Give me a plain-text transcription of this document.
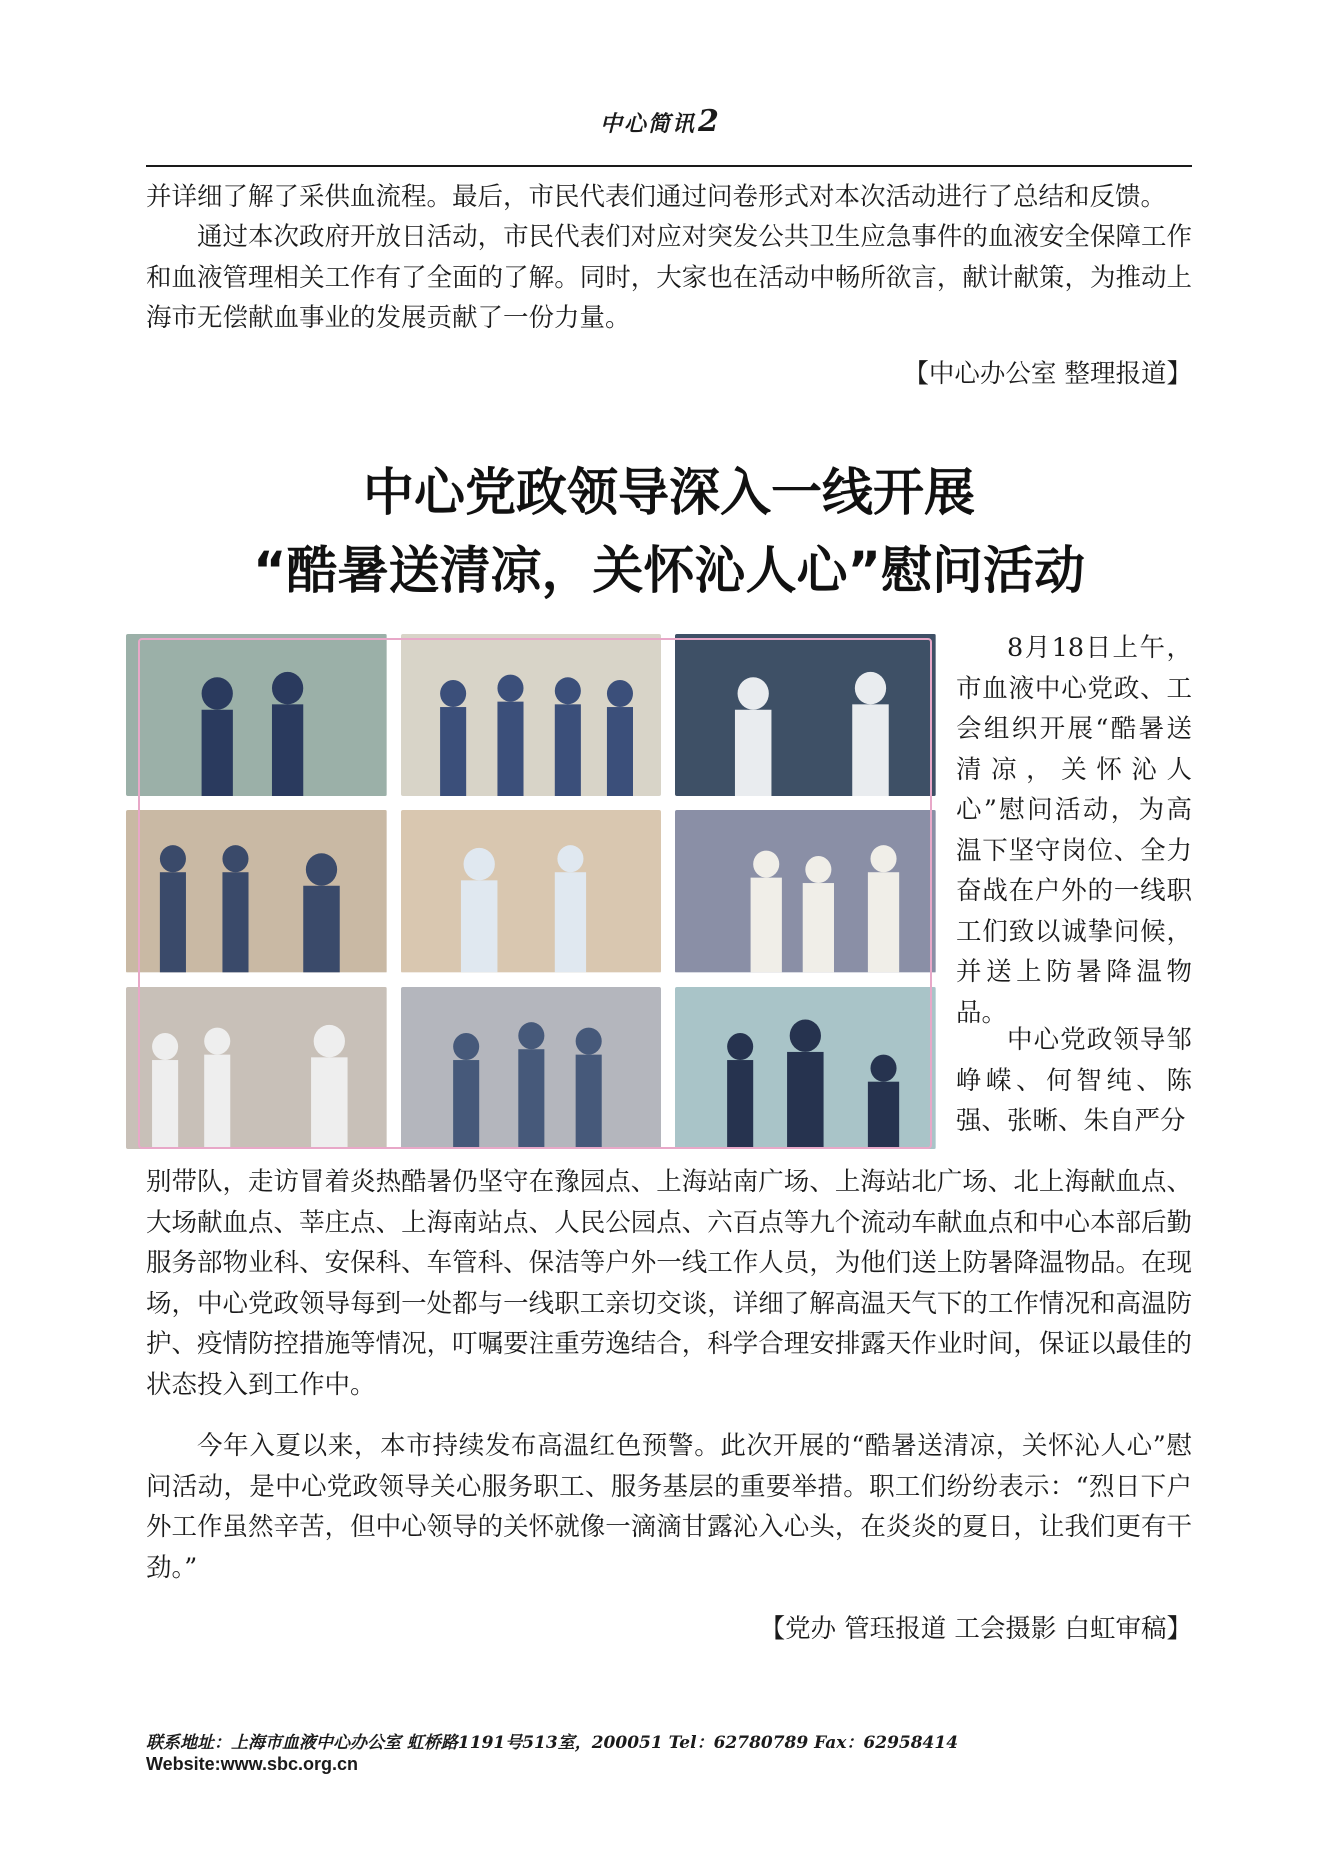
中心简讯2

并详细了解了采供血流程。最后，市民代表们通过问卷形式对本次活动进行了总结和反馈。

通过本次政府开放日活动，市民代表们对应对突发公共卫生应急事件的血液安全保障工作和血液管理相关工作有了全面的了解。同时，大家也在活动中畅所欲言，献计献策，为推动上海市无偿献血事业的发展贡献了一份力量。

【中心办公室 整理报道】
中心党政领导深入一线开展
“酷暑送清凉，关怀沁人心”慰问活动

8月18日上午，市血液中心党政、工会组织开展“酷暑送清凉，关怀沁人心”慰问活动，为高温下坚守岗位、全力奋战在户外的一线职工们致以诚挚问候，并送上防暑降温物品。

中心党政领导邹峥嵘、何智纯、陈强、张晰、朱自严分

别带队，走访冒着炎热酷暑仍坚守在豫园点、上海站南广场、上海站北广场、北上海献血点、大场献血点、莘庄点、上海南站点、人民公园点、六百点等九个流动车献血点和中心本部后勤服务部物业科、安保科、车管科、保洁等户外一线工作人员，为他们送上防暑降温物品。在现场，中心党政领导每到一处都与一线职工亲切交谈，详细了解高温天气下的工作情况和高温防护、疫情防控措施等情况，叮嘱要注重劳逸结合，科学合理安排露天作业时间，保证以最佳的状态投入到工作中。

今年入夏以来，本市持续发布高温红色预警。此次开展的“酷暑送清凉，关怀沁人心”慰问活动，是中心党政领导关心服务职工、服务基层的重要举措。职工们纷纷表示：“烈日下户外工作虽然辛苦，但中心领导的关怀就像一滴滴甘露沁入心头，在炎炎的夏日，让我们更有干劲。”

【党办 管珏报道 工会摄影 白虹审稿】
联系地址：上海市血液中心办公室 虹桥路1191号513室，200051 Tel：62780789 Fax：62958414
Website:www.sbc.org.cn
